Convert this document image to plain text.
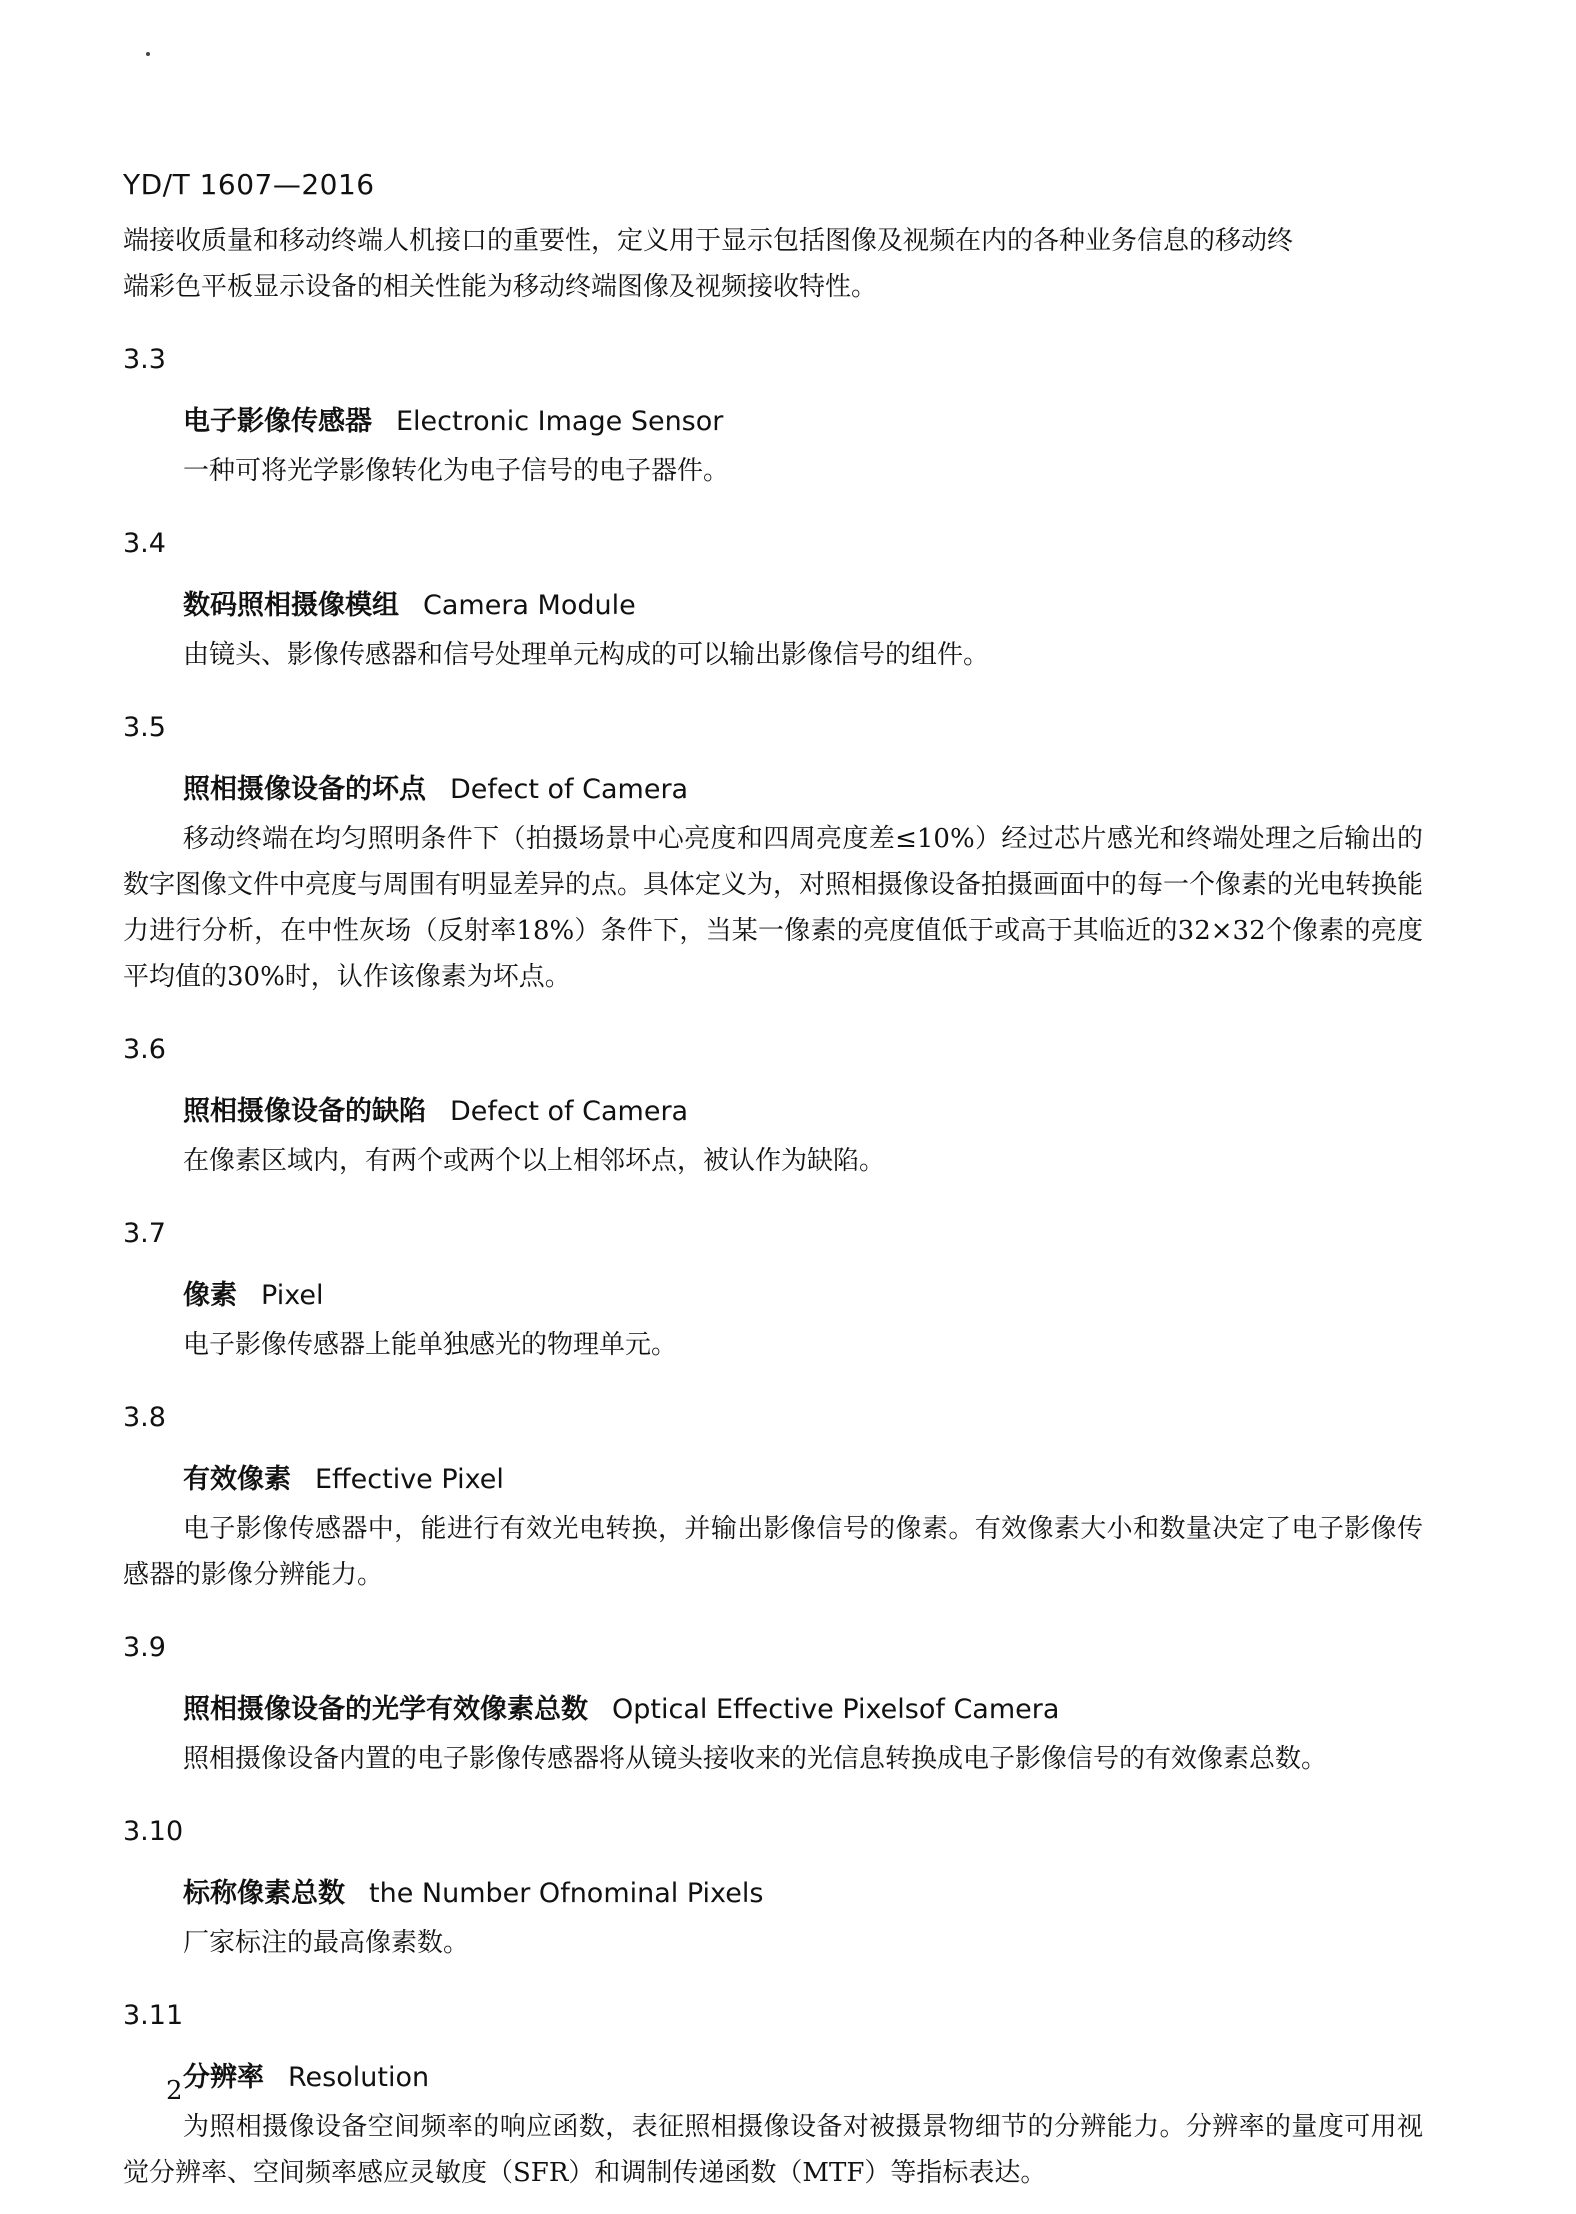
YD/T 1607—2016

端接收质量和移动终端人机接口的重要性，定义用于显示包括图像及视频在内的各种业务信息的移动终

端彩色平板显示设备的相关性能为移动终端图像及视频接收特性。

3.3
电子影像传感器 Electronic Image Sensor

一种可将光学影像转化为电子信号的电子器件。

3.4
数码照相摄像模组 Camera Module

由镜头、影像传感器和信号处理单元构成的可以输出影像信号的组件。

3.5
照相摄像设备的坏点 Defect of Camera

移动终端在均匀照明条件下（拍摄场景中心亮度和四周亮度差≤10%）经过芯片感光和终端处理之后输出的数字图像文件中亮度与周围有明显差异的点。具体定义为，对照相摄像设备拍摄画面中的每一个像素的光电转换能力进行分析，在中性灰场（反射率18%）条件下，当某一像素的亮度值低于或高于其临近的32×32个像素的亮度平均值的30%时，认作该像素为坏点。

3.6
照相摄像设备的缺陷 Defect of Camera

在像素区域内，有两个或两个以上相邻坏点，被认作为缺陷。

3.7
像素 Pixel

电子影像传感器上能单独感光的物理单元。

3.8
有效像素 Effective Pixel

电子影像传感器中，能进行有效光电转换，并输出影像信号的像素。有效像素大小和数量决定了电子影像传感器的影像分辨能力。

3.9
照相摄像设备的光学有效像素总数 Optical Effective Pixelsof Camera

照相摄像设备内置的电子影像传感器将从镜头接收来的光信息转换成电子影像信号的有效像素总数。

3.10
标称像素总数 the Number Ofnominal Pixels

厂家标注的最高像素数。

3.11
分辨率 Resolution

为照相摄像设备空间频率的响应函数，表征照相摄像设备对被摄景物细节的分辨能力。分辨率的量度可用视觉分辨率、空间频率感应灵敏度（SFR）和调制传递函数（MTF）等指标表达。

2
